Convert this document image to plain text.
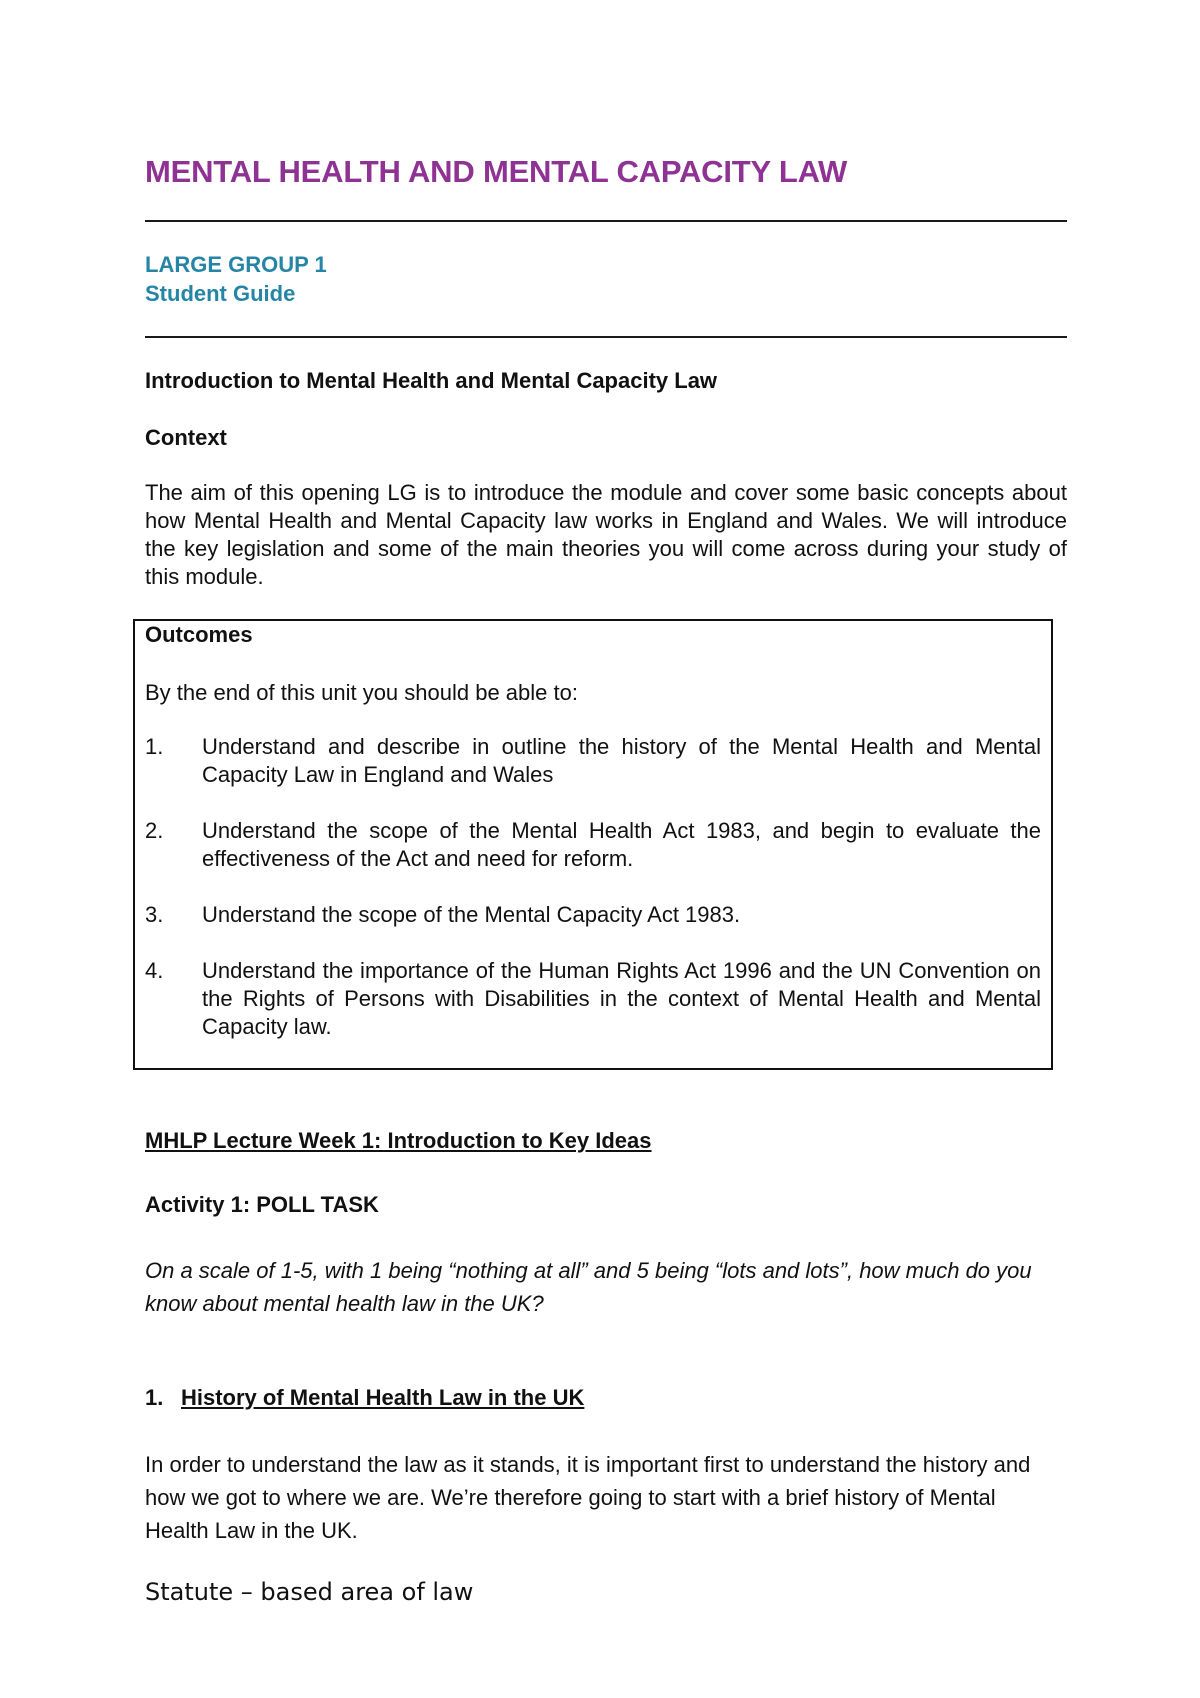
MENTAL HEALTH AND MENTAL CAPACITY LAW
LARGE GROUP 1
Student Guide
Introduction to Mental Health and Mental Capacity Law
Context
The aim of this opening LG is to introduce the module and cover some basic concepts about how Mental Health and Mental Capacity law works in England and Wales. We will introduce the key legislation and some of the main theories you will come across during your study of this module.
Outcomes
By the end of this unit you should be able to:
1. Understand and describe in outline the history of the Mental Health and Mental Capacity Law in England and Wales
2. Understand the scope of the Mental Health Act 1983, and begin to evaluate the effectiveness of the Act and need for reform.
3. Understand the scope of the Mental Capacity Act 1983.
4. Understand the importance of the Human Rights Act 1996 and the UN Convention on the Rights of Persons with Disabilities in the context of Mental Health and Mental Capacity law.
MHLP Lecture Week 1: Introduction to Key Ideas
Activity 1: POLL TASK
On a scale of 1-5, with 1 being “nothing at all” and 5 being “lots and lots”, how much do you know about mental health law in the UK?
1. History of Mental Health Law in the UK
In order to understand the law as it stands, it is important first to understand the history and how we got to where we are. We’re therefore going to start with a brief history of Mental Health Law in the UK.
Statute – based area of law
